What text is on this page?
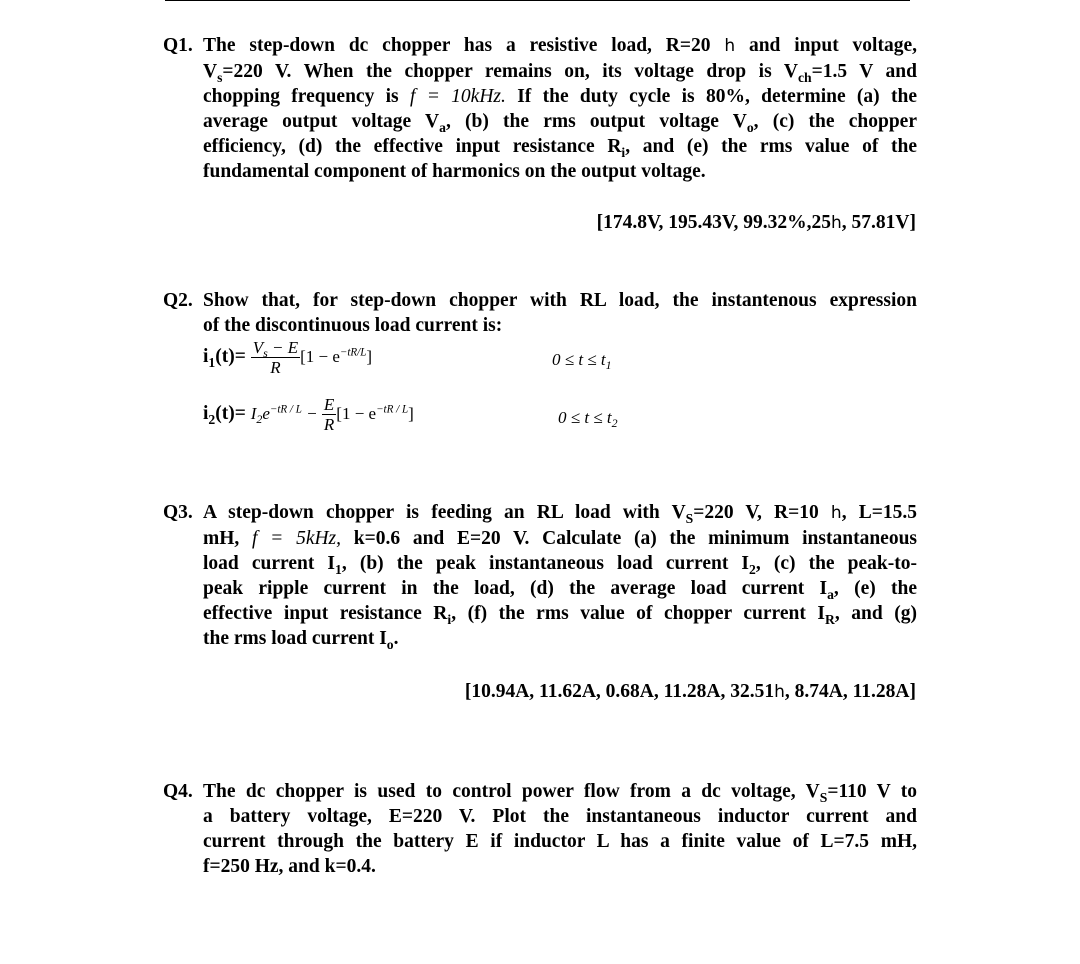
Q1. The step-down dc chopper has a resistive load, R=20 h and input voltage,
$V_s=220$ V. When the chopper remains on, its voltage drop is $V_{ch}=1.5$ V and
chopping frequency is f = 10kHz. If the duty cycle is 80%, determine (a) the
average output voltage $V_a$, (b) the rms output voltage $V_o$, (c) the chopper
efficiency, (d) the effective input resistance $R_i$, and (e) the rms value of the
fundamental component of harmonics on the output voltage.
[174.8V, 195.43V, 99.32%,25h, 57.81V]
Q2. Show that, for step-down chopper with RL load, the instantenous expression
of the discontinuous load current is:
$i_1(t)= \frac{V_s - E}{R} [1 - e^{-tR/L}]$	$0 \le t \le t_1$
$i_2(t)= I_2e^{-tR / L} - \frac{E}{R} [1 - e^{-tR / L}]$	$0 \le t \le t_2$
Q3. A step-down chopper is feeding an RL load with $V_S=220$ V, R=10 h, L=15.5
mH, f = 5kHz, k=0.6 and E=20 V. Calculate (a) the minimum instantaneous
load current $I_1$, (b) the peak instantaneous load current $I_2$, (c) the peak-to-
peak ripple current in the load, (d) the average load current $I_a$, (e) the
effective input resistance $R_i$, (f) the rms value of chopper current $I_R$, and (g)
the rms load current $I_o$.
[10.94A, 11.62A, 0.68A, 11.28A, 32.51h, 8.74A, 11.28A]
Q4. The dc chopper is used to control power flow from a dc voltage, $V_S=110$ V to
a battery voltage, E=220 V. Plot the instantaneous inductor current and
current through the battery E if inductor L has a finite value of L=7.5 mH,
f=250 Hz, and k=0.4.
